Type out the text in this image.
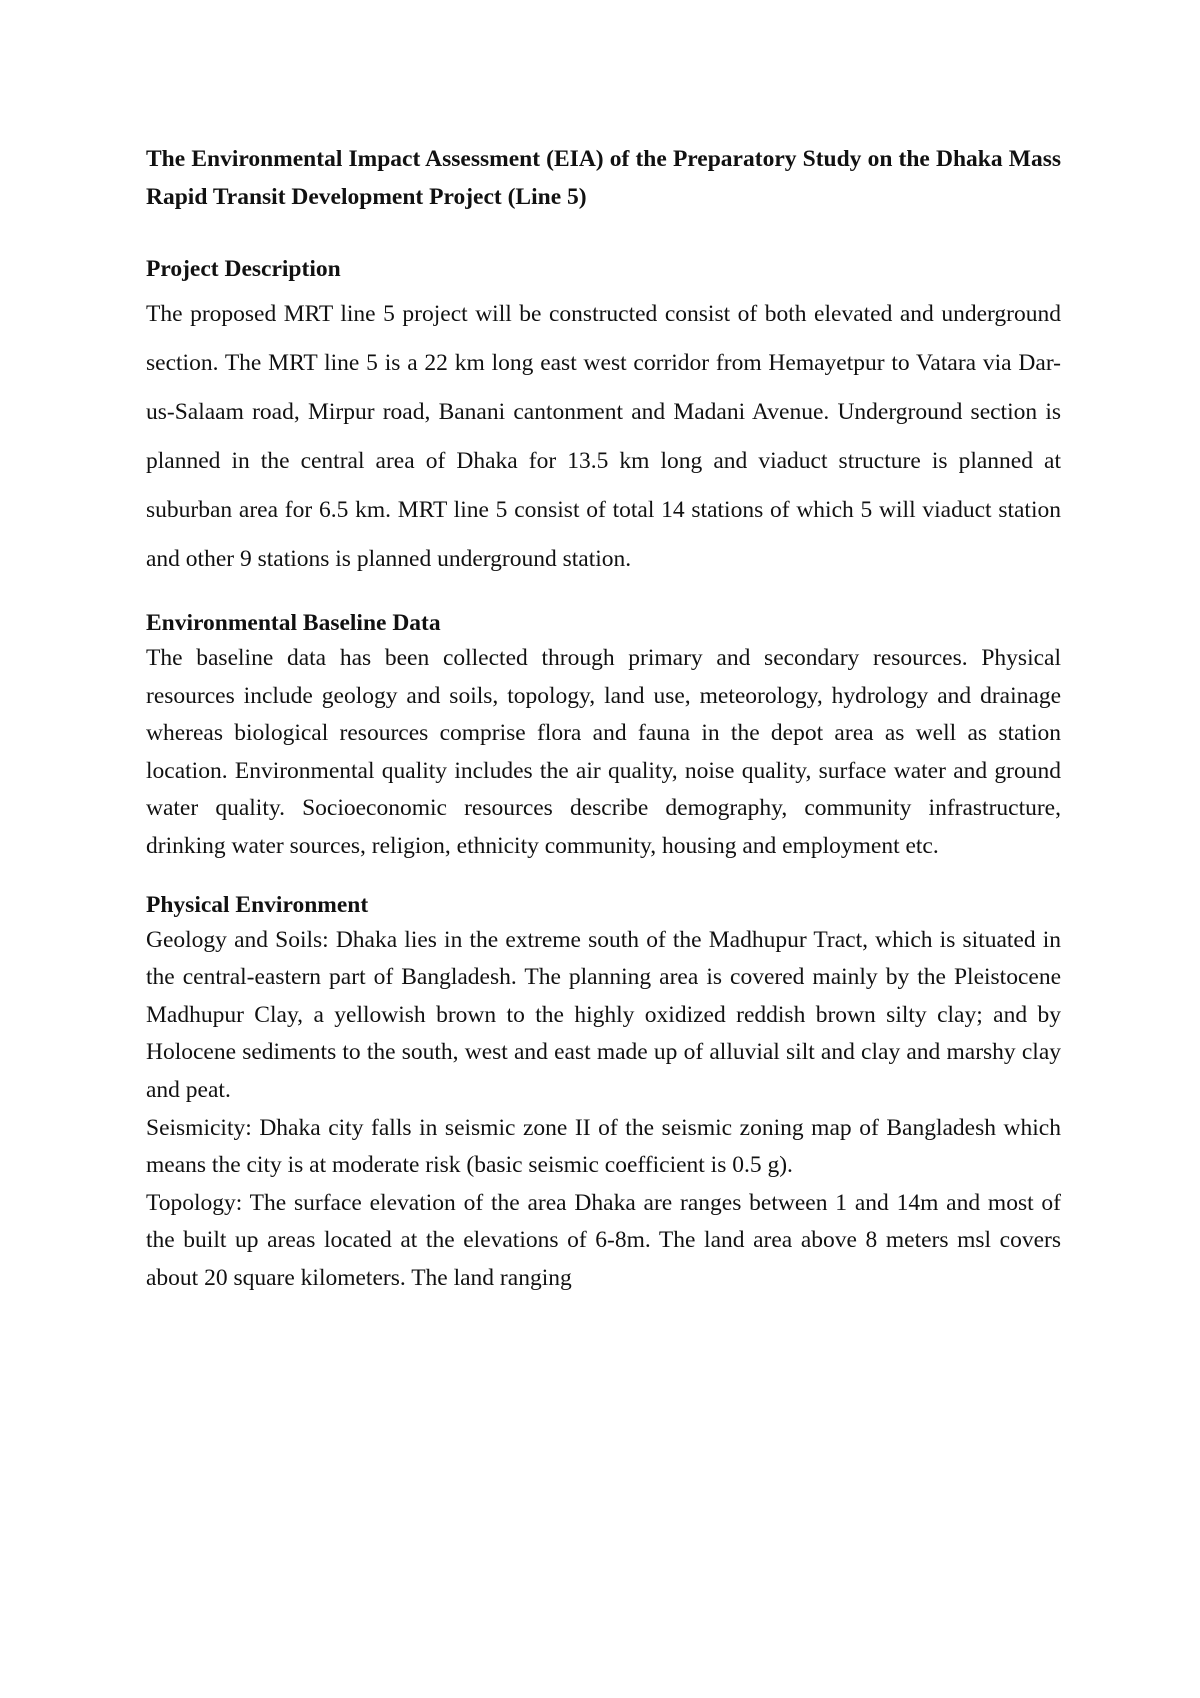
The Environmental Impact Assessment (EIA) of the Preparatory Study on the Dhaka Mass Rapid Transit Development Project (Line 5)

Project Description

The proposed MRT line 5 project will be constructed consist of both elevated and underground section. The MRT line 5 is a 22 km long east west corridor from Hemayetpur to Vatara via Dar-us-Salaam road, Mirpur road, Banani cantonment and Madani Avenue. Underground section is planned in the central area of Dhaka for 13.5 km long and viaduct structure is planned at suburban area for 6.5 km. MRT line 5 consist of total 14 stations of which 5 will viaduct station and other 9 stations is planned underground station.

Environmental Baseline Data

The baseline data has been collected through primary and secondary resources. Physical resources include geology and soils, topology, land use, meteorology, hydrology and drainage whereas biological resources comprise flora and fauna in the depot area as well as station location. Environmental quality includes the air quality, noise quality, surface water and ground water quality. Socioeconomic resources describe demography, community infrastructure, drinking water sources, religion, ethnicity community, housing and employment etc.

Physical Environment

Geology and Soils: Dhaka lies in the extreme south of the Madhupur Tract, which is situated in the central-eastern part of Bangladesh. The planning area is covered mainly by the Pleistocene Madhupur Clay, a yellowish brown to the highly oxidized reddish brown silty clay; and by Holocene sediments to the south, west and east made up of alluvial silt and clay and marshy clay and peat.

Seismicity: Dhaka city falls in seismic zone II of the seismic zoning map of Bangladesh which means the city is at moderate risk (basic seismic coefficient is 0.5 g).

Topology: The surface elevation of the area Dhaka are ranges between 1 and 14m and most of the built up areas located at the elevations of 6-8m. The land area above 8 meters msl covers about 20 square kilometers. The land ranging
